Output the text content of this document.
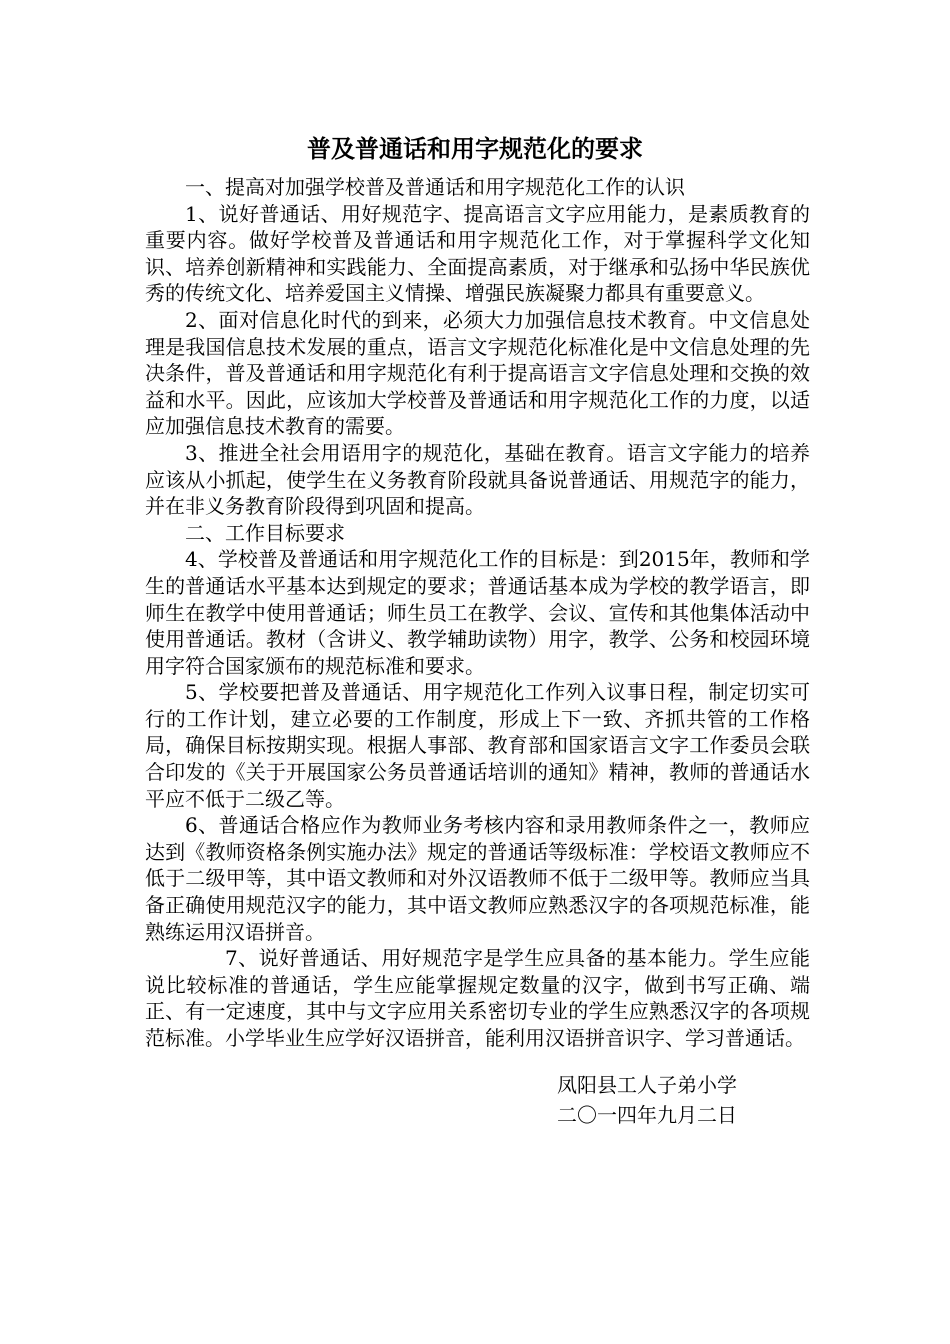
普及普通话和用字规范化的要求

一、提高对加强学校普及普通话和用字规范化工作的认识

1、说好普通话、用好规范字、提高语言文字应用能力，是素质教育的重要内容。做好学校普及普通话和用字规范化工作，对于掌握科学文化知识、培养创新精神和实践能力、全面提高素质，对于继承和弘扬中华民族优秀的传统文化、培养爱国主义情操、增强民族凝聚力都具有重要意义。

2、面对信息化时代的到来，必须大力加强信息技术教育。中文信息处理是我国信息技术发展的重点，语言文字规范化标准化是中文信息处理的先决条件，普及普通话和用字规范化有利于提高语言文字信息处理和交换的效益和水平。因此，应该加大学校普及普通话和用字规范化工作的力度，以适应加强信息技术教育的需要。

3、推进全社会用语用字的规范化，基础在教育。语言文字能力的培养应该从小抓起，使学生在义务教育阶段就具备说普通话、用规范字的能力，并在非义务教育阶段得到巩固和提高。

二、工作目标要求

4、学校普及普通话和用字规范化工作的目标是：到2015年，教师和学生的普通话水平基本达到规定的要求；普通话基本成为学校的教学语言，即师生在教学中使用普通话；师生员工在教学、会议、宣传和其他集体活动中使用普通话。教材（含讲义、教学辅助读物）用字，教学、公务和校园环境用字符合国家颁布的规范标准和要求。

5、学校要把普及普通话、用字规范化工作列入议事日程，制定切实可行的工作计划，建立必要的工作制度，形成上下一致、齐抓共管的工作格局，确保目标按期实现。根据人事部、教育部和国家语言文字工作委员会联合印发的《关于开展国家公务员普通话培训的通知》精神，教师的普通话水平应不低于二级乙等。

6、普通话合格应作为教师业务考核内容和录用教师条件之一，教师应达到《教师资格条例实施办法》规定的普通话等级标准：学校语文教师应不低于二级甲等，其中语文教师和对外汉语教师不低于二级甲等。教师应当具备正确使用规范汉字的能力，其中语文教师应熟悉汉字的各项规范标准，能熟练运用汉语拼音。

7、说好普通话、用好规范字是学生应具备的基本能力。学生应能说比较标准的普通话，学生应能掌握规定数量的汉字，做到书写正确、端正、有一定速度，其中与文字应用关系密切专业的学生应熟悉汉字的各项规范标准。小学毕业生应学好汉语拼音，能利用汉语拼音识字、学习普通话。

凤阳县工人子弟小学
二〇一四年九月二日
